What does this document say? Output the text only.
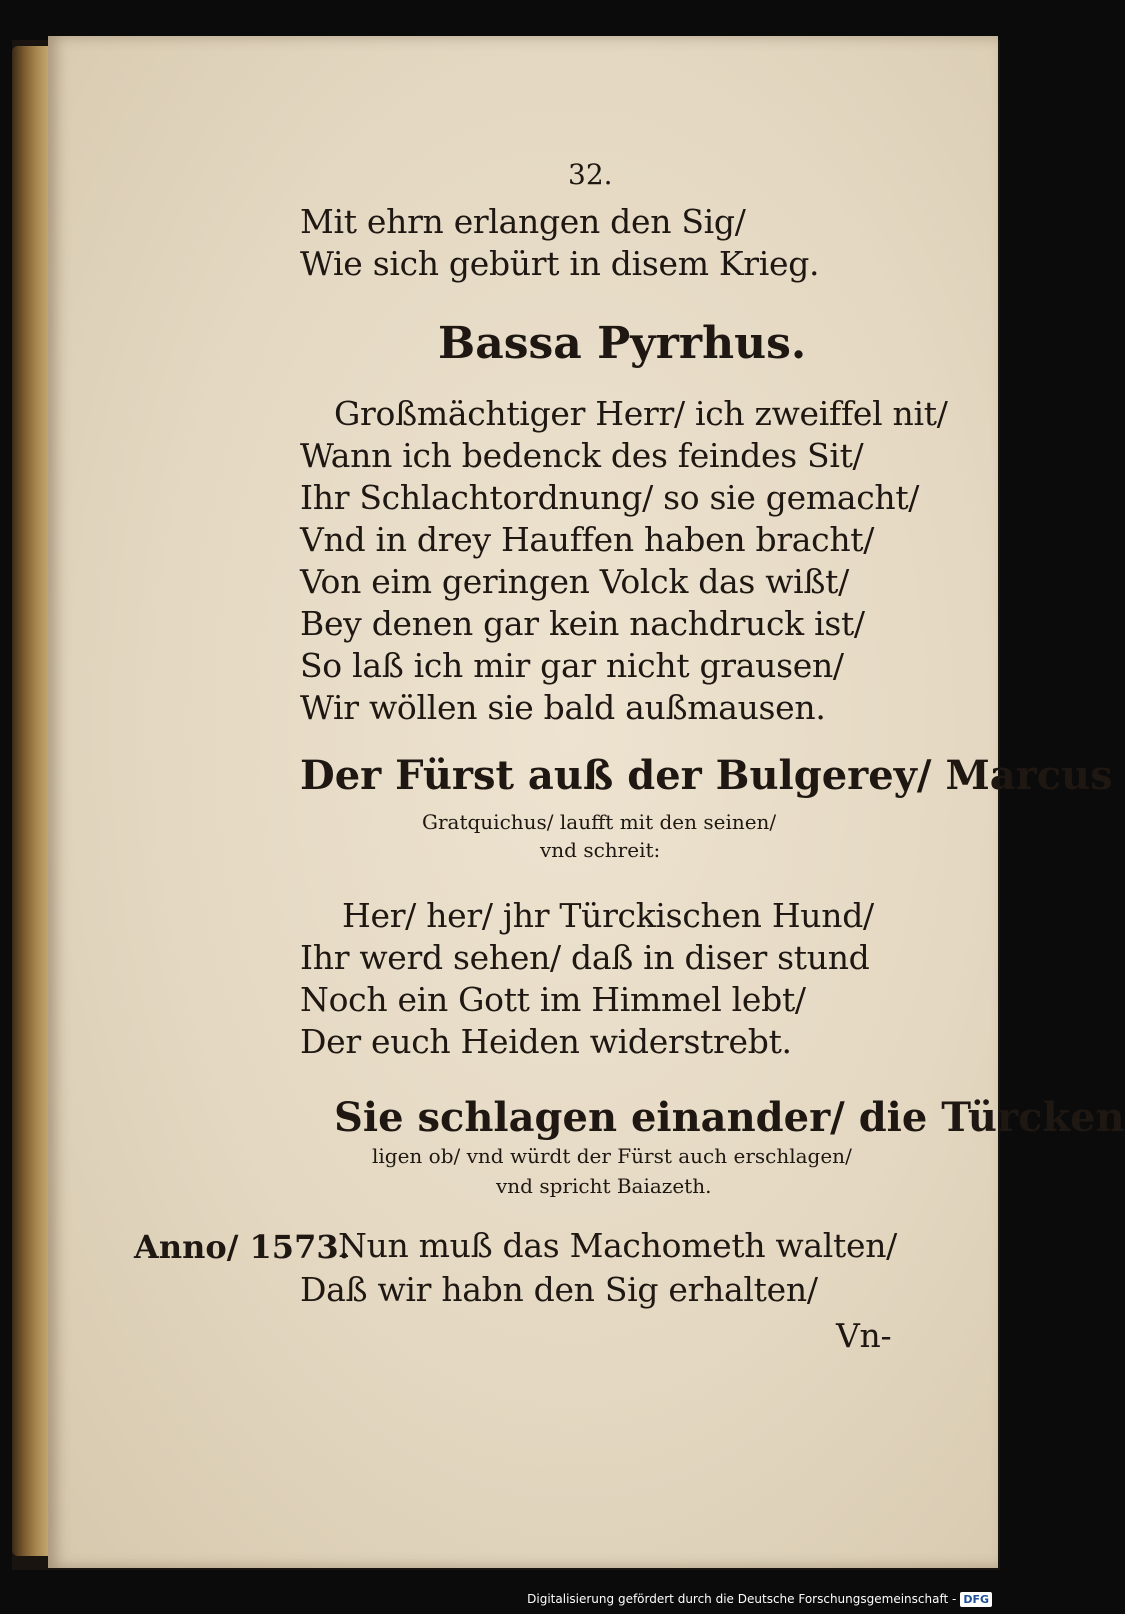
32.
Mit ehrn erlangen den Sig/
Wie sich gebürt in disem Krieg.
Bassa Pyrrhus.
Großmächtiger Herr/ ich zweiffel nit/
Wann ich bedenck des feindes Sit/
Ihr Schlachtordnung/ so sie gemacht/
Vnd in drey Hauffen haben bracht/
Von eim geringen Volck das wißt/
Bey denen gar kein nachdruck ist/
So laß ich mir gar nicht grausen/
Wir wöllen sie bald außmausen.
Der Fürst auß der Bulgerey/ Marcus
Gratquichus/ laufft mit den seinen/
vnd schreit:
Her/ her/ jhr Türckischen Hund/
Ihr werd sehen/ daß in diser stund
Noch ein Gott im Himmel lebt/
Der euch Heiden widerstrebt.
Sie schlagen einander/ die Türcken
ligen ob/ vnd würdt der Fürst auch erschlagen/
vnd spricht Baiazeth.
Anno/ 1573.
Nun muß das Machometh walten/
Daß wir habn den Sig erhalten/
Vn-
Digitalisierung gefördert durch die Deutsche Forschungsgemeinschaft - DFG
